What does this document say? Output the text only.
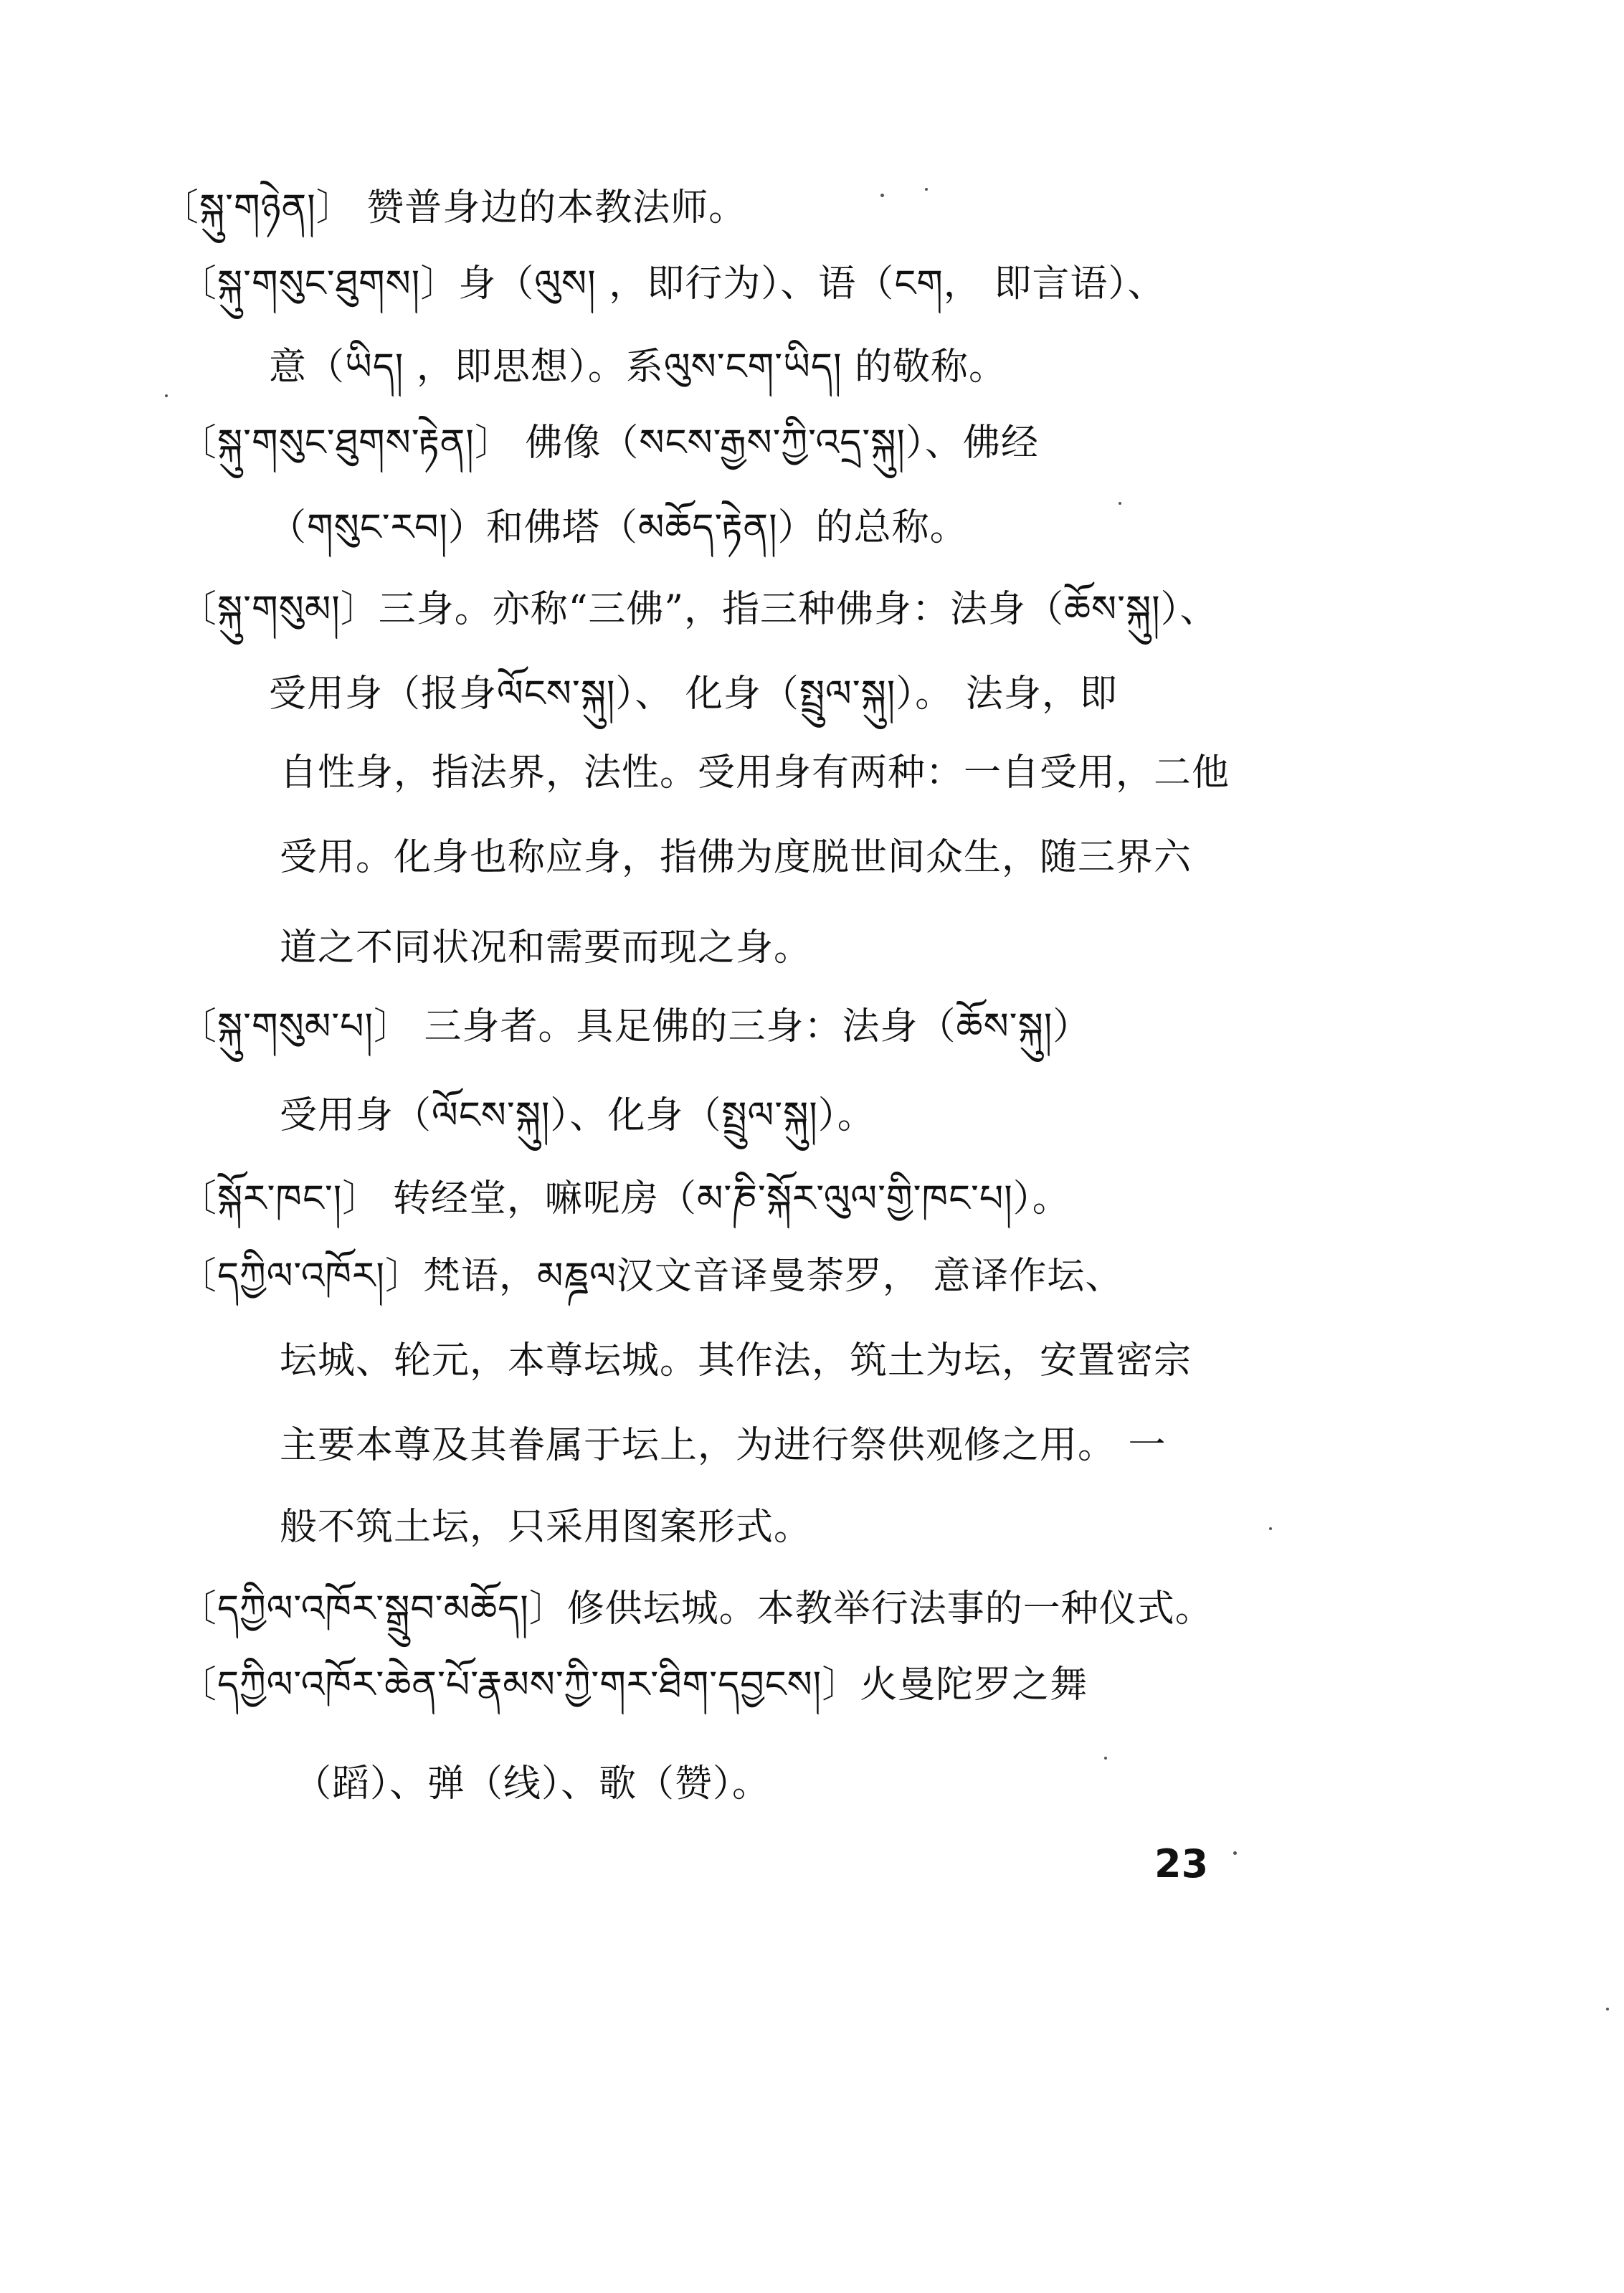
〔སྐུ་གཉེན།〕 赞普身边的本教法师。
〔སྐུ་གསུང་ཐུགས།〕身（ལུས། ，即行为）、语（ངག， 即言语）、
意（ཡིད། ，即思想）。系ལུས་ངག་ཡིད། 的敬称。
〔སྐུ་གསུང་ཐུགས་རྟེན།〕 佛像（སངས་རྒྱས་ཀྱི་འདྲ་སྐུ།）、佛经
（གསུང་རབ།）和佛塔（མཆོད་རྟེན།）的总称。
〔སྐུ་གསུམ།〕三身。亦称“三佛”，指三种佛身：法身（ཆོས་སྐུ།）、
受用身（报身ལོངས་སྐུ།）、 化身（སྤྲུལ་སྐུ།）。 法身，即
自性身，指法界，法性。受用身有两种：一自受用，二他
受用。化身也称应身，指佛为度脱世间众生，随三界六
道之不同状况和需要而现之身。
〔སྐུ་གསུམ་པ།〕 三身者。具足佛的三身：法身（ཆོས་སྐུ།）
受用身（ལོངས་སྐུ།）、化身（སྤྲུལ་སྐུ།）。
〔སྐོར་ཁང་།〕 转经堂，嘛呢房（མ་ཎི་སྐོར་ལུལ་གྱི་ཁང་པ།）。
〔དཀྱིལ་འཁོར།〕梵语，མཎྜལ汉文音译曼荼罗， 意译作坛、
坛城、轮元，本尊坛城。其作法，筑土为坛，安置密宗
主要本尊及其眷属于坛上，为进行祭供观修之用。 一
般不筑土坛，只采用图案形式。
〔དཀྱིལ་འཁོར་སྒྲུབ་མཆོད།〕修供坛城。本教举行法事的一种仪式。
〔དཀྱིལ་འཁོར་ཆེན་པོ་རྣམས་ཀྱི་གར་ཐིག་དབྱངས།〕火曼陀罗之舞
（蹈）、弹（线）、歌（赞）。
23
